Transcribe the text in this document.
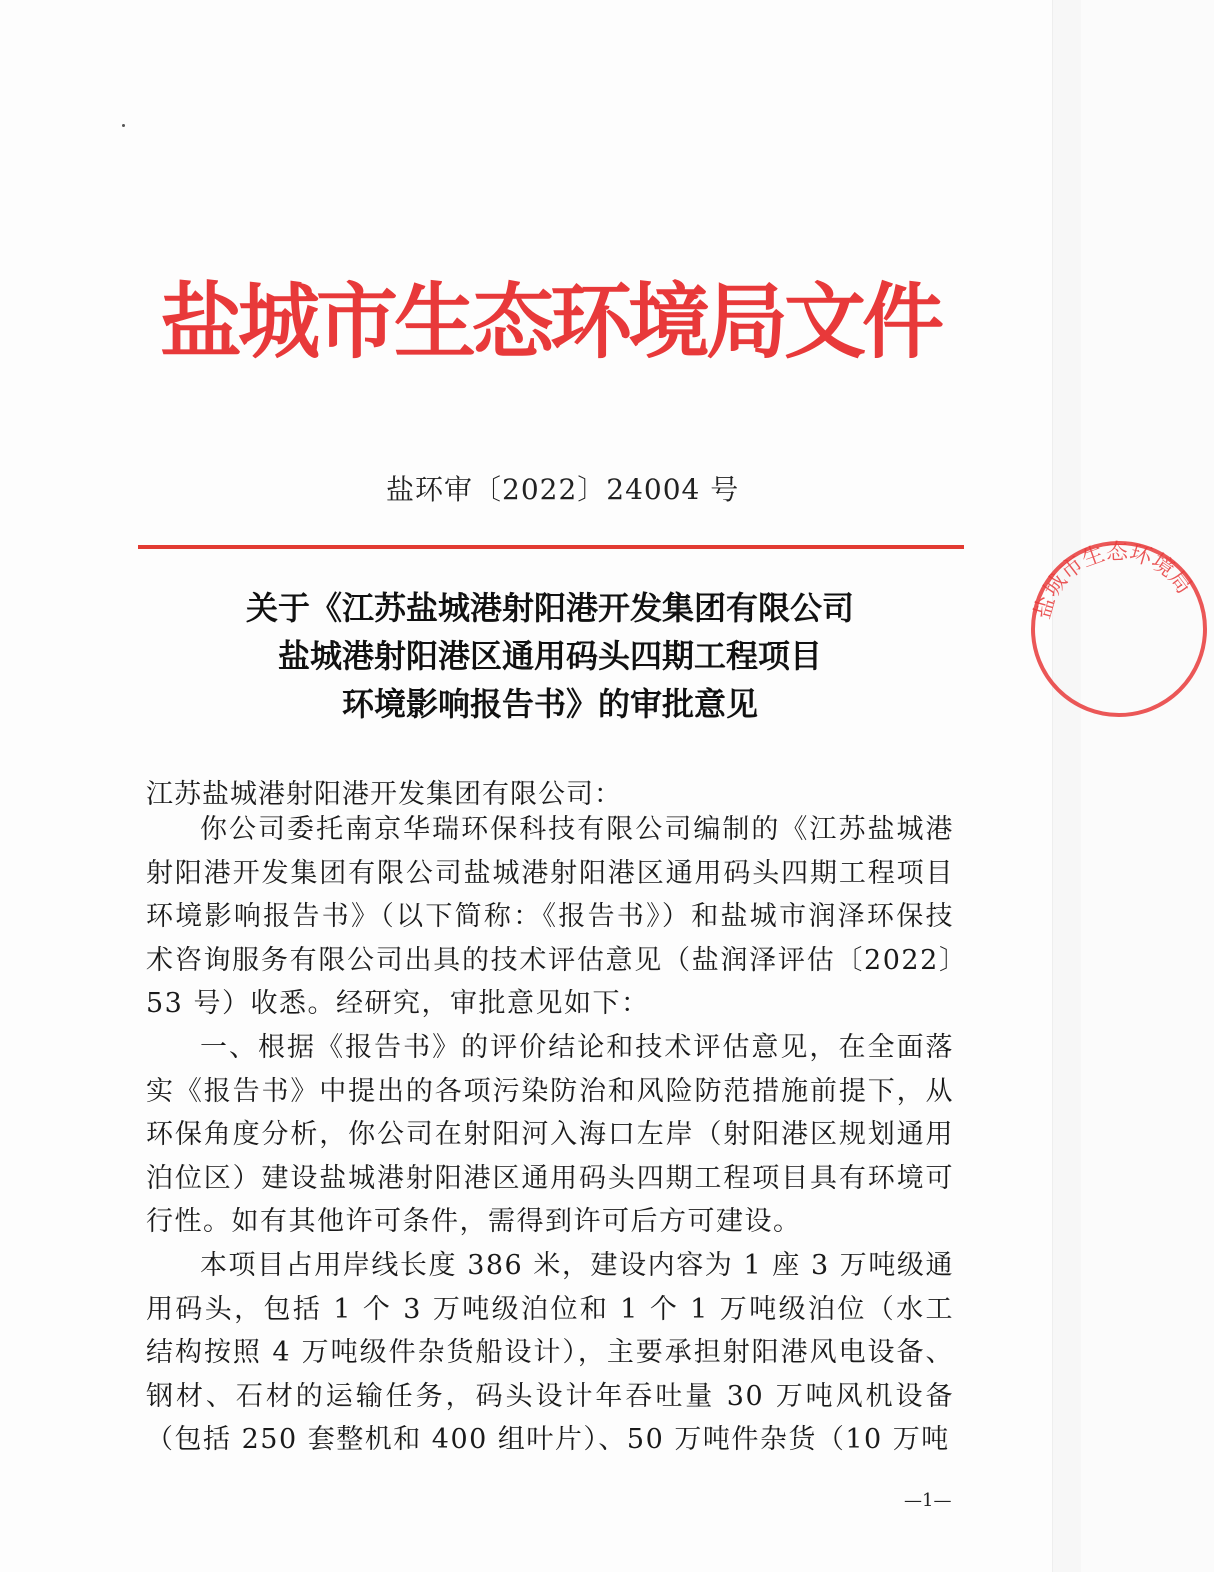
盐城市生态环境局文件
盐环审〔2022〕24004 号
关于《江苏盐城港射阳港开发集团有限公司
盐城港射阳港区通用码头四期工程项目
环境影响报告书》的审批意见
江苏盐城港射阳港开发集团有限公司：

你公司委托南京华瑞环保科技有限公司编制的《江苏盐城港射阳港开发集团有限公司盐城港射阳港区通用码头四期工程项目环境影响报告书》（以下简称：《报告书》）和盐城市润泽环保技术咨询服务有限公司出具的技术评估意见（盐润泽评估〔2022〕53 号）收悉。经研究，审批意见如下：

一、根据《报告书》的评价结论和技术评估意见，在全面落实《报告书》中提出的各项污染防治和风险防范措施前提下，从环保角度分析，你公司在射阳河入海口左岸（射阳港区规划通用泊位区）建设盐城港射阳港区通用码头四期工程项目具有环境可行性。如有其他许可条件，需得到许可后方可建设。

本项目占用岸线长度 386 米，建设内容为 1 座 3 万吨级通用码头，包括 1 个 3 万吨级泊位和 1 个 1 万吨级泊位（水工结构按照 4 万吨级件杂货船设计），主要承担射阳港风电设备、钢材、石材的运输任务，码头设计年吞吐量 30 万吨风机设备（包括 250 套整机和 400 组叶片）、50 万吨件杂货（10 万吨

—1—
盐城市生态环境局
